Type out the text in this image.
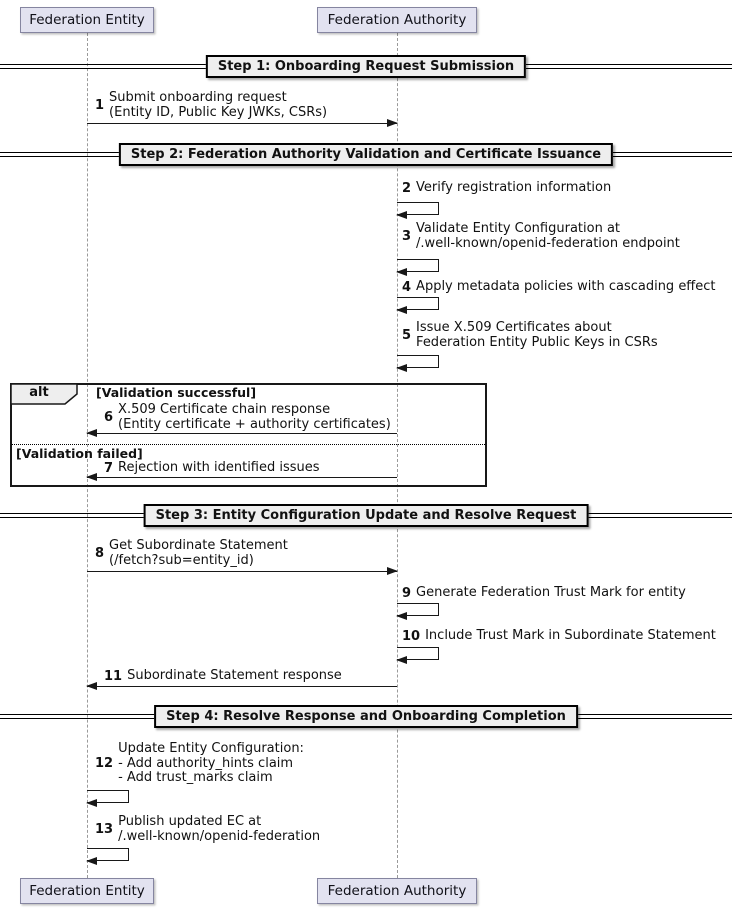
Federation Entity	Federation Authority
Step 1: Onboarding Request Submission
1
Submit onboarding request
(Entity ID, Public Key JWKs, CSRs)
Step 2: Federation Authority Validation and Certificate Issuance
2 Verify registration information
3
Validate Entity Configuration at
/.well-known/openid-federation endpoint
4 Apply metadata policies with cascading effect
5
Issue X.509 Certificates about
Federation Entity Public Keys in CSRs
alt	[Validation successful]
6
X.509 Certificate chain response
(Entity certificate + authority certificates)
[Validation failed]
7 Rejection with identified issues
Step 3: Entity Configuration Update and Resolve Request
8
Get Subordinate Statement
(/fetch?sub=entity_id)
9 Generate Federation Trust Mark for entity
10 Include Trust Mark in Subordinate Statement
11 Subordinate Statement response
Step 4: Resolve Response and Onboarding Completion
12
Update Entity Configuration:
- Add authority_hints claim
- Add trust_marks claim
13
Publish updated EC at
/.well-known/openid-federation
Federation Entity	Federation Authority
